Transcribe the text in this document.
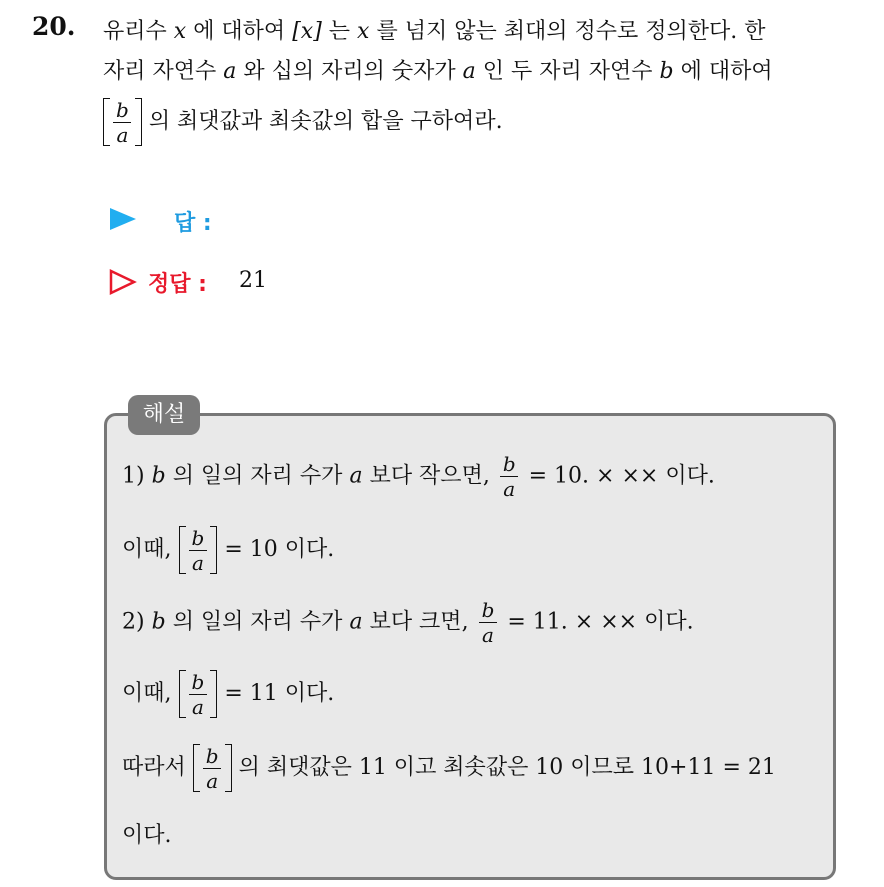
20. 유리수 x 에 대하여 [x] 는 x 를 넘지 않는 최대의 정수로 정의한다. 한
자리 자연수 a 와 십의 자리의 숫자가 a 인 두 자리 자연수 b 에 대하여
b
a
의 최댓값과 최솟값의 합을 구하여라.
답 :
정답 : 21
해설
1) b 의 일의 자리 수가 a 보다 작으면, $\frac{b}{a} = 10$. × ×× 이다.
이때, b
a
= 10 이다.
2) b 의 일의 자리 수가 a 보다 크면, $\frac{b}{a} = 11$. × ×× 이다.
이때, b
a
= 11 이다.
따라서 b
a
의 최댓값은 11 이고 최솟값은 10 이므로 10+11 = 21
이다.
